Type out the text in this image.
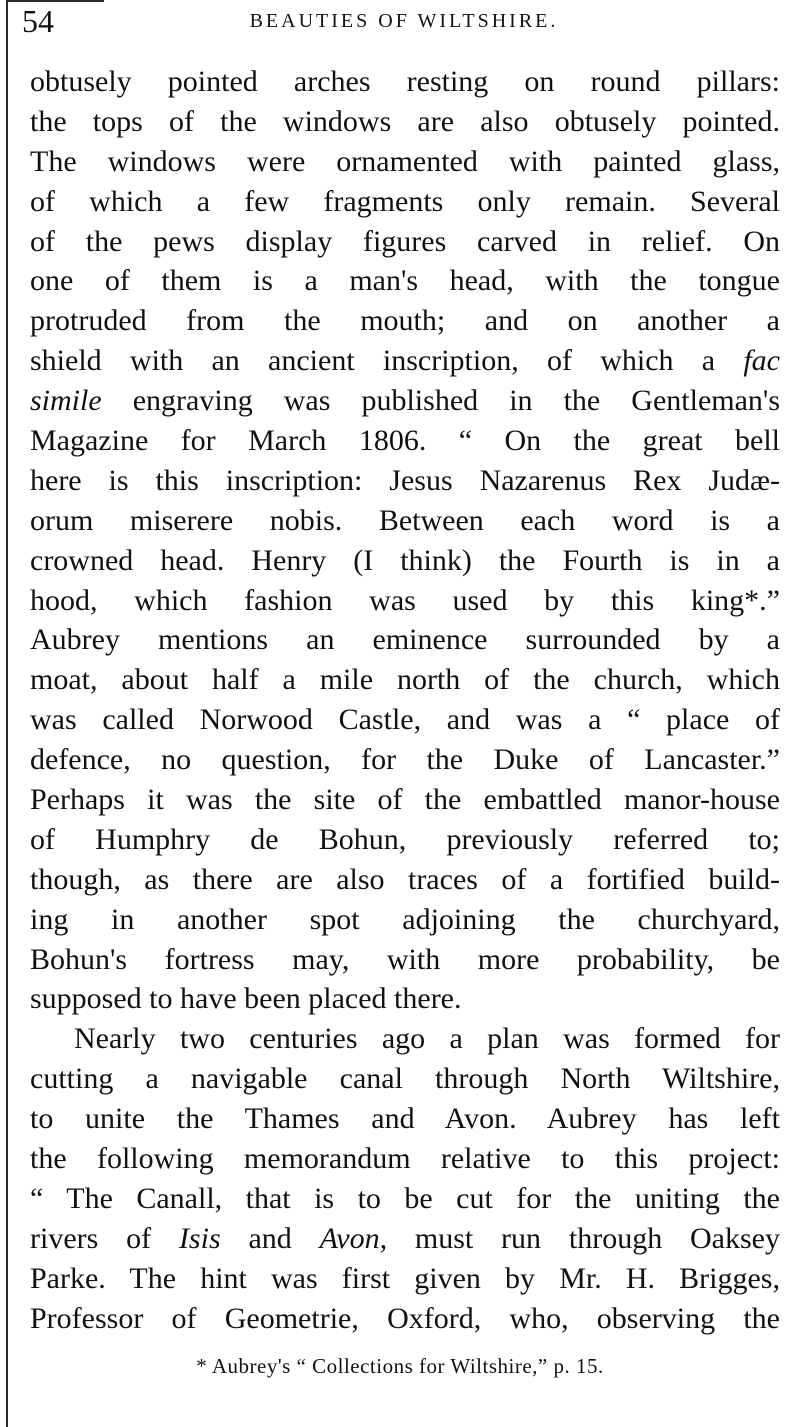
54	BEAUTIES OF WILTSHIRE.
obtusely pointed arches resting on round pillars:
the tops of the windows are also obtusely pointed.
The windows were ornamented with painted glass,
of which a few fragments only remain. Several
of the pews display figures carved in relief. On
one of them is a man's head, with the tongue
protruded from the mouth; and on another a
shield with an ancient inscription, of which a fac
simile engraving was published in the Gentleman's
Magazine for March 1806. “ On the great bell
here is this inscription: Jesus Nazarenus Rex Judæ-
orum miserere nobis. Between each word is a
crowned head. Henry (I think) the Fourth is in a
hood, which fashion was used by this king*.”
Aubrey mentions an eminence surrounded by a
moat, about half a mile north of the church, which
was called Norwood Castle, and was a “ place of
defence, no question, for the Duke of Lancaster.”
Perhaps it was the site of the embattled manor-house
of Humphry de Bohun, previously referred to;
though, as there are also traces of a fortified build-
ing in another spot adjoining the churchyard,
Bohun's fortress may, with more probability, be
supposed to have been placed there.
Nearly two centuries ago a plan was formed for
cutting a navigable canal through North Wiltshire,
to unite the Thames and Avon. Aubrey has left
the following memorandum relative to this project:
“ The Canall, that is to be cut for the uniting the
rivers of Isis and Avon, must run through Oaksey
Parke. The hint was first given by Mr. H. Brigges,
Professor of Geometrie, Oxford, who, observing the
* Aubrey's “ Collections for Wiltshire,” p. 15.
